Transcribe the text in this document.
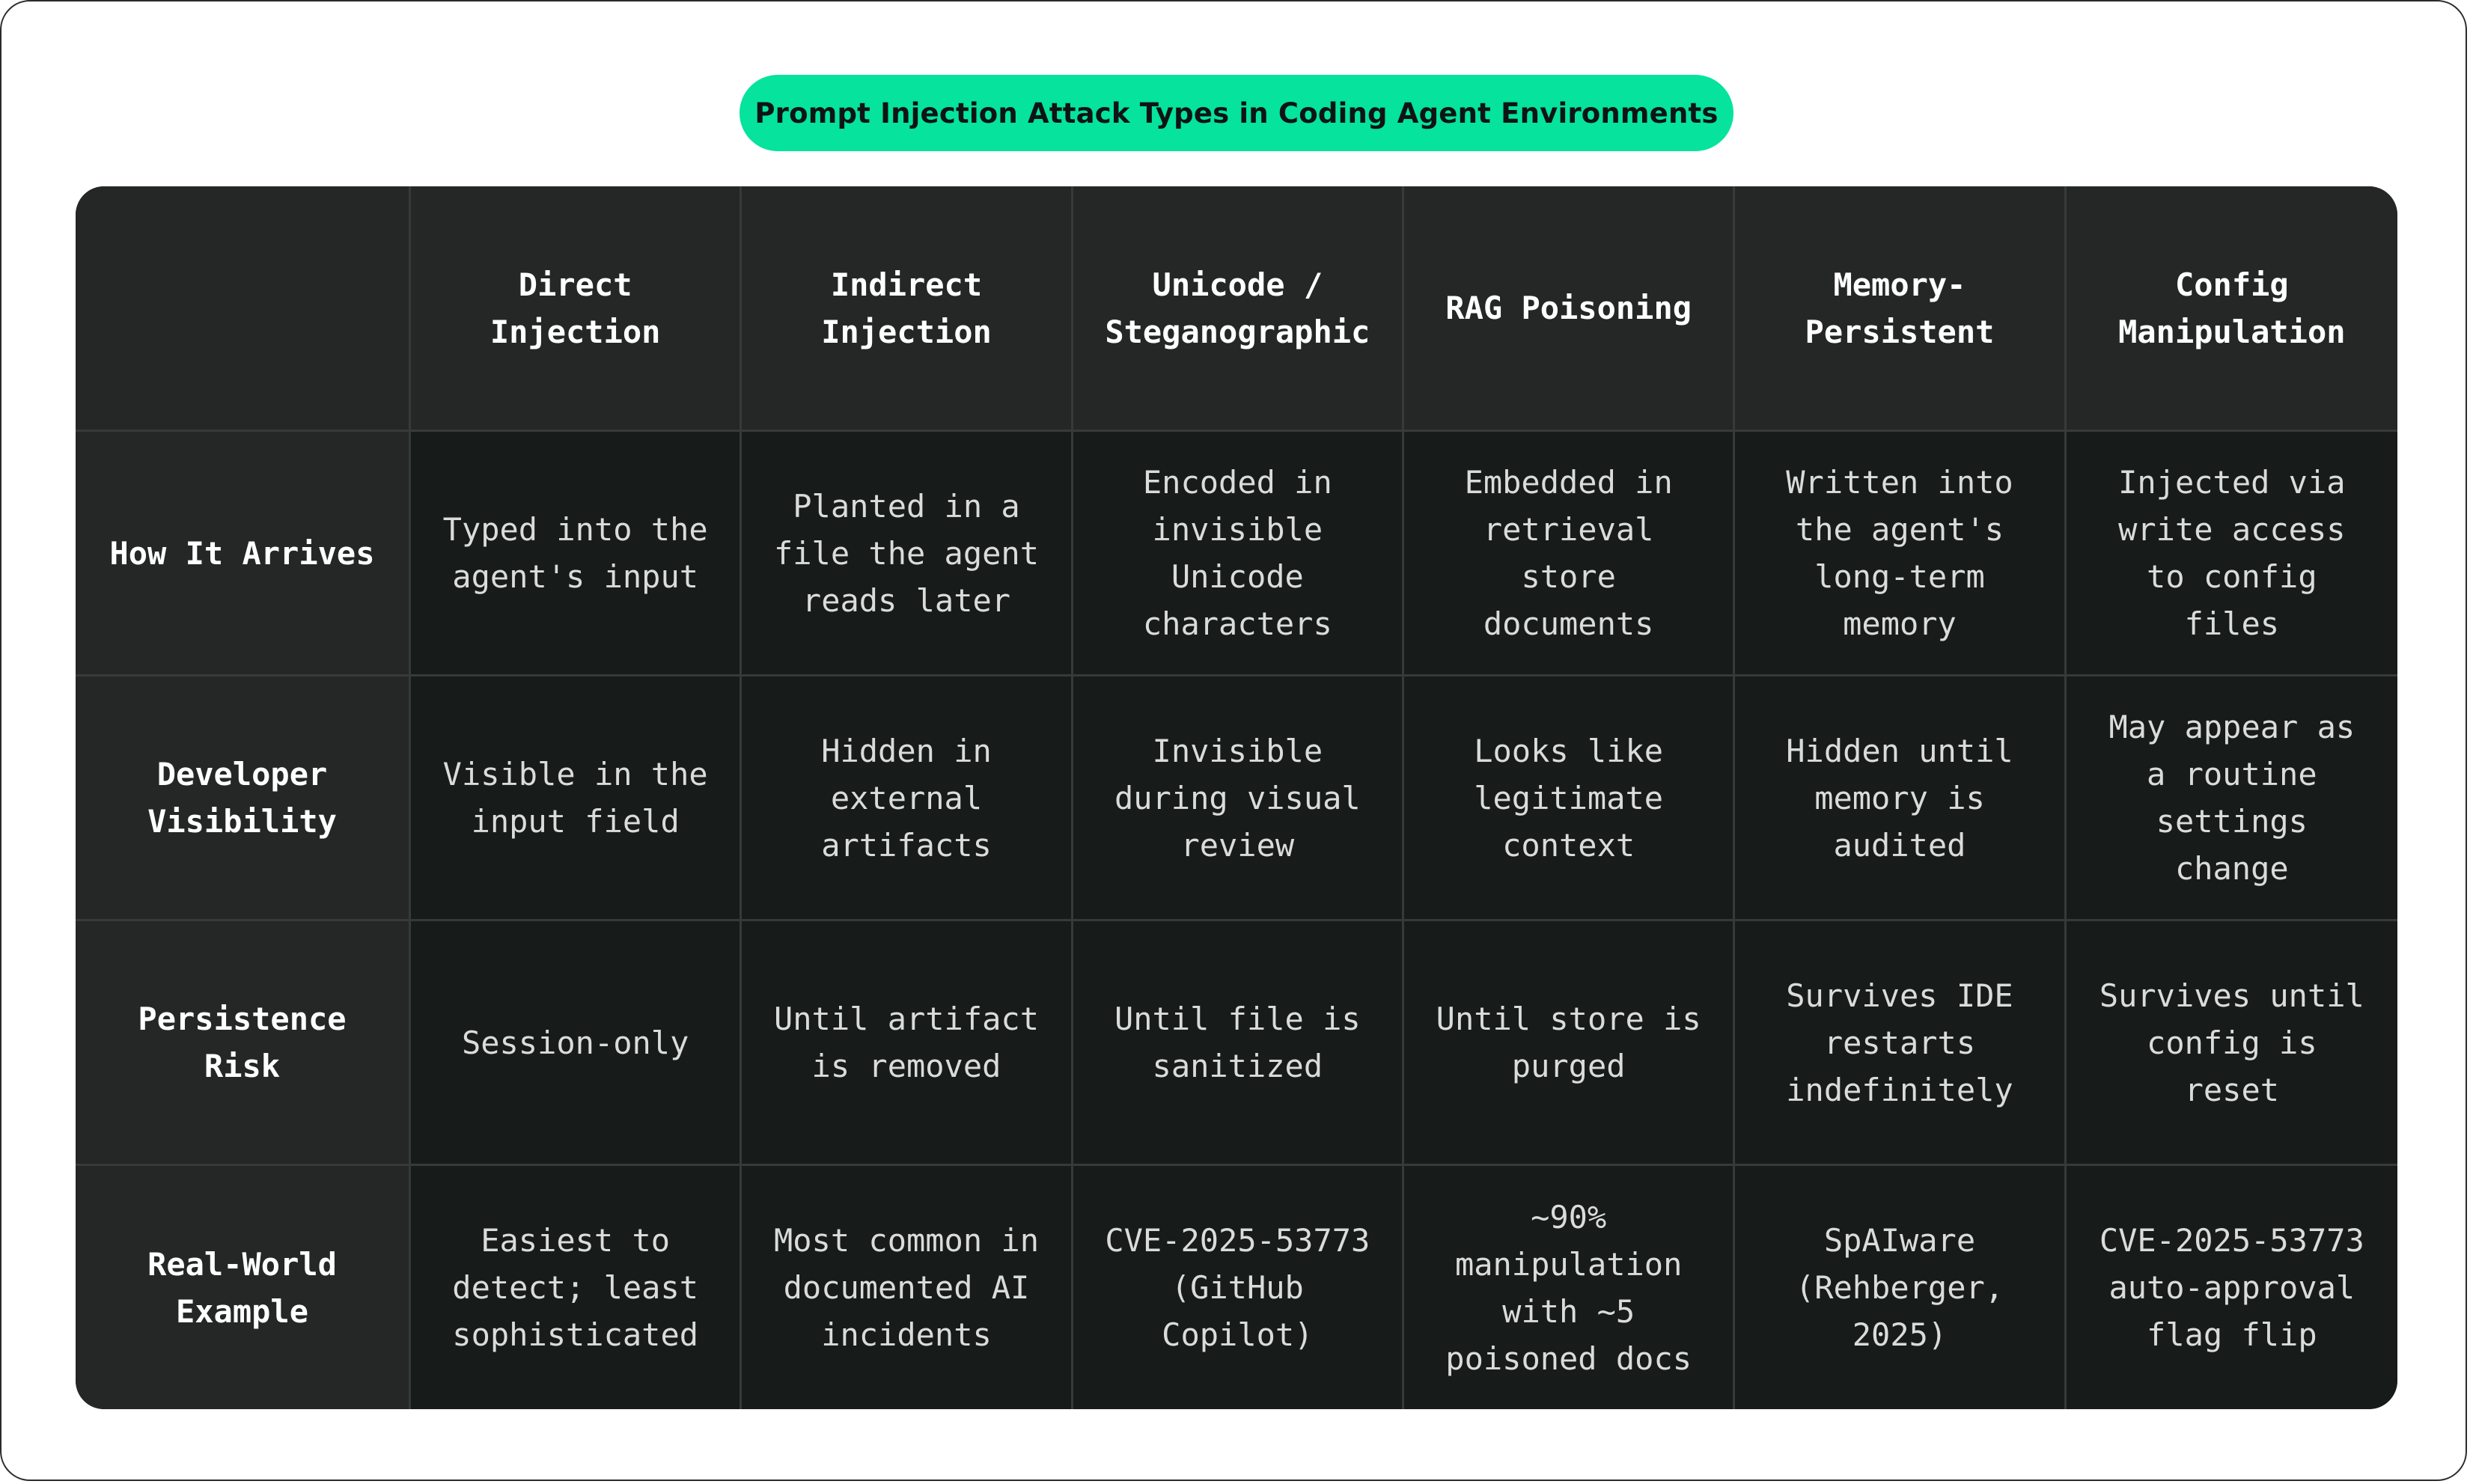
Prompt Injection Attack Types in Coding Agent Environments
Direct
Injection
Indirect
Injection
Unicode /
Steganographic
RAG Poisoning
Memory-
Persistent
Config
Manipulation
How It Arrives
Typed into the
agent's input
Planted in a
file the agent
reads later
Encoded in
invisible
Unicode
characters
Embedded in
retrieval
store
documents
Written into
the agent's
long-term
memory
Injected via
write access
to config
files
Developer
Visibility
Visible in the
input field
Hidden in
external
artifacts
Invisible
during visual
review
Looks like
legitimate
context
Hidden until
memory is
audited
May appear as
a routine
settings
change
Persistence
Risk
Session-only
Until artifact
is removed
Until file is
sanitized
Until store is
purged
Survives IDE
restarts
indefinitely
Survives until
config is
reset
Real-World
Example
Easiest to
detect; least
sophisticated
Most common in
documented AI
incidents
CVE-2025-53773
(GitHub
Copilot)
~90%
manipulation
with ~5
poisoned docs
SpAIware
(Rehberger,
2025)
CVE-2025-53773
auto-approval
flag flip
